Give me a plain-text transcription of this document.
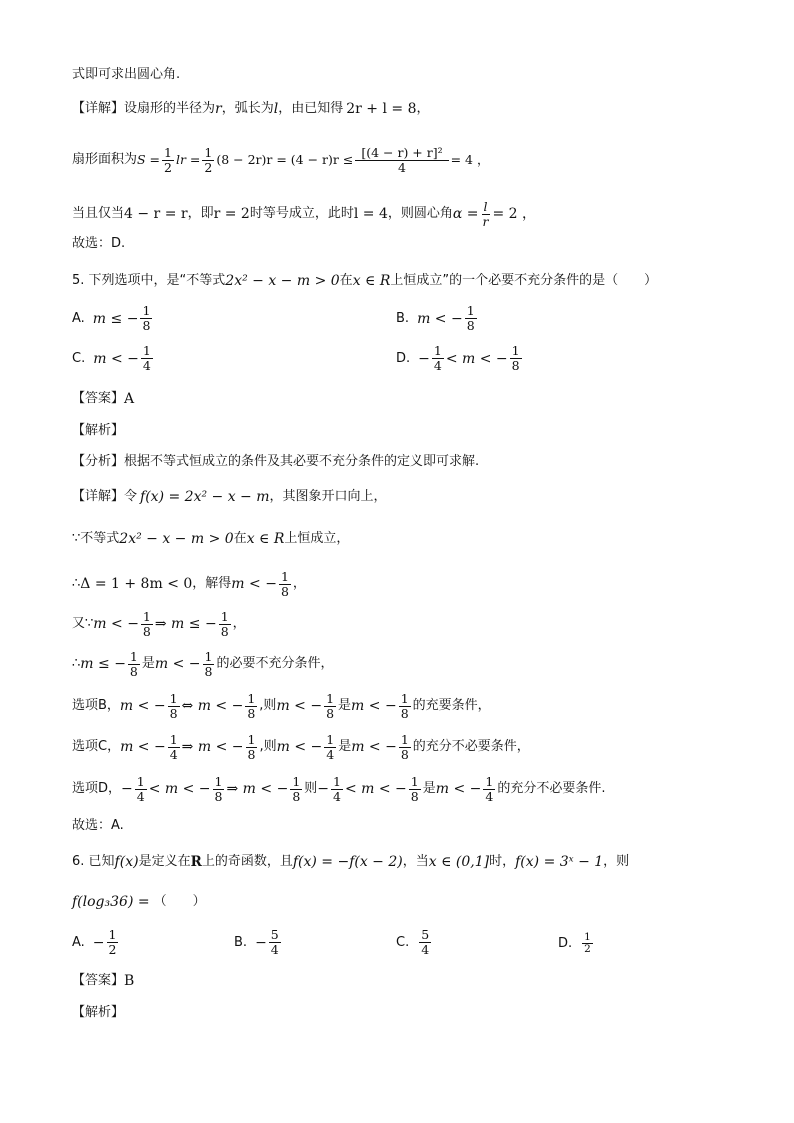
式即可求出圆心角.
【详解】 设扇形的半径为 r ，弧长为 l ，由已知得 2r + l = 8 ，
扇形面积为 $S = \frac{1}{2}$ lr = $\frac{1}{2} (8 - 2r)r = (4 - r)r \le \frac{\text{[(4 − r) + r]²}}{4} = 4$ ，
当且仅当 4 − r = r ，即 r = 2 时等号成立，此时 l = 4 ，则圆心角 $\alpha = \frac{l}{r} = 2$ ，
故选：D.
5. 下列选项中，是“不等式 2x² − x − m > 0 在 x ∈ R 上恒成立”的一个必要不充分条件的是（　　）
A. m ≤ − $\frac{1}{8}$	B. m < − $\frac{1}{8}$
C. m < − $\frac{1}{4}$	D. − $\frac{1}{4} < m$ < − $\frac{1}{8}$
【答案】 A
【解析】
【分析】 根据不等式恒成立的条件及其必要不充分条件的定义即可求解.
【详解】 令 f(x) = 2x² − x − m ，其图象开口向上，
∵不等式 2x² − x − m > 0 在 x ∈ R 上恒成立，
∴ Δ = 1 + 8m < 0 ，解得 m < − $\frac{1}{8}$ ，
又∵ m < − $\frac{1}{8}$ ⇒ m ≤ − $\frac{1}{8}$ ，
∴ m ≤ − $\frac{1}{8}$ 是 m < − $\frac{1}{8}$ 的必要不充分条件，
选项B， m < − $\frac{1}{8}$ ⇔ m < − $\frac{1}{8}$ ,则 m < − $\frac{1}{8}$ 是 m < − $\frac{1}{8}$ 的充要条件，
选项C， m < − $\frac{1}{4}$ ⇒ m < − $\frac{1}{8}$ ,则 m < − $\frac{1}{4}$ 是 m < − $\frac{1}{8}$ 的充分不必要条件，
选项D， − $\frac{1}{4} < m$ < − $\frac{1}{8}$ ⇒ m < − $\frac{1}{8}$ 则 − $\frac{1}{4} < m$ < − $\frac{1}{8}$ 是 m < − $\frac{1}{4}$ 的充分不必要条件.
故选：A.
6. 已知 f(x) 是定义在 R 上的奇函数，且 f(x) = −f(x − 2) ，当 x ∈ (0,1] 时， f(x) = 3ˣ − 1 ，则
f(log₃36) = （　　）
A. − $\frac{1}{2}$	B. − $\frac{5}{4}$	C. $\frac{5}{4}$	D. $\frac{1}{2}$
【答案】 B
【解析】
